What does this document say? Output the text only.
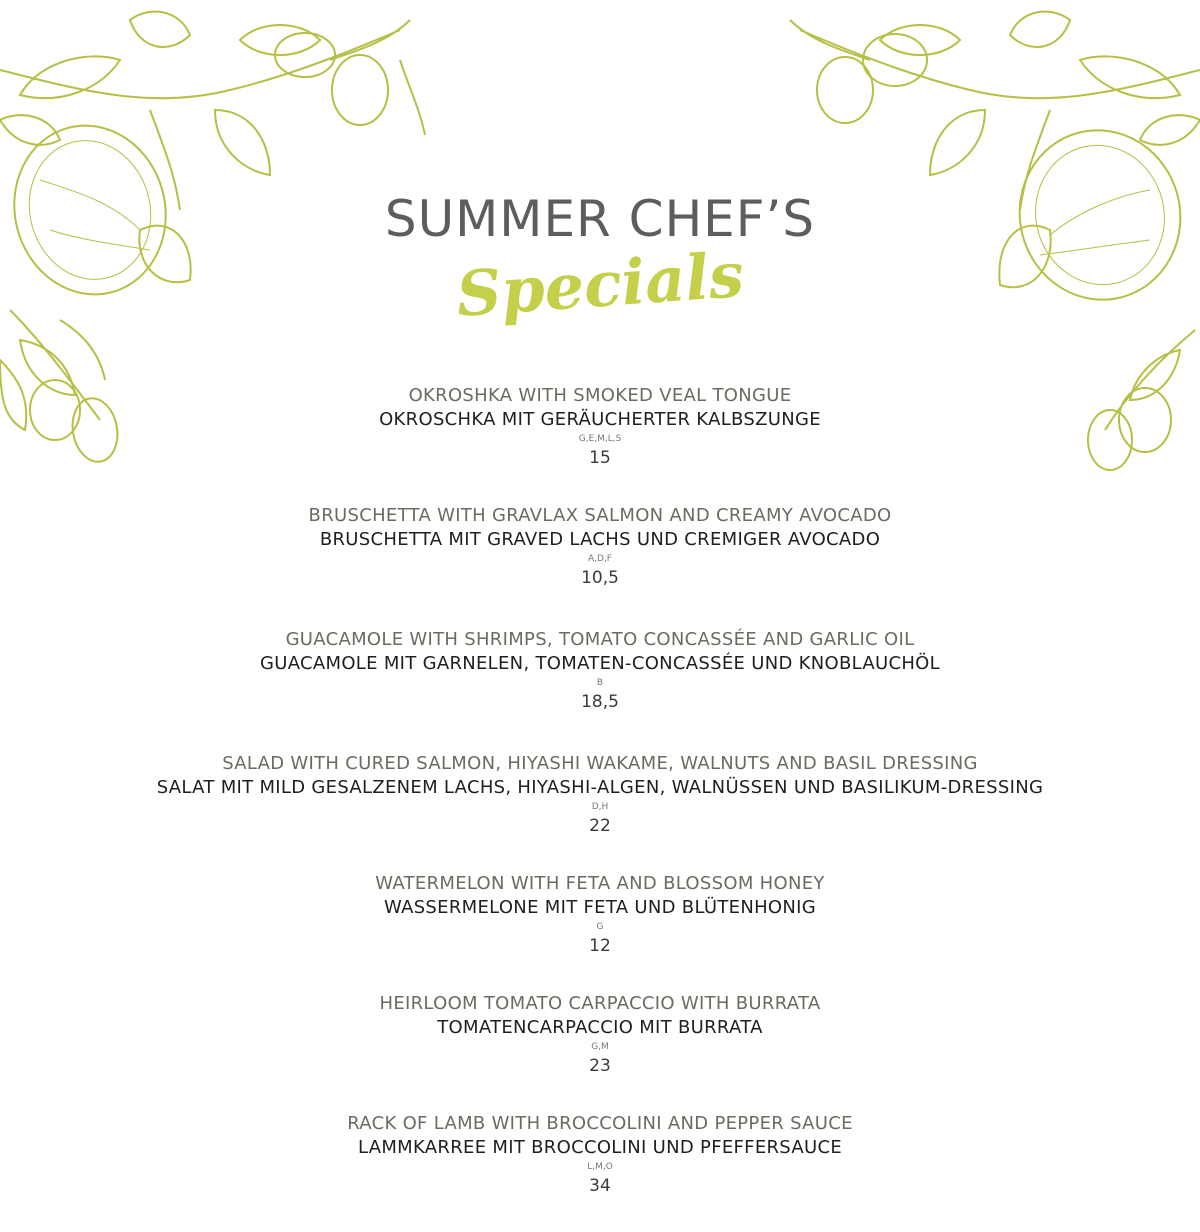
SUMMER CHEF’S
Specials
OKROSHKA WITH SMOKED VEAL TONGUE
OKROSCHKA MIT GERÄUCHERTER KALBSZUNGE
G,E,M,L,S
15
BRUSCHETTA WITH GRAVLAX SALMON AND CREAMY AVOCADO
BRUSCHETTA MIT GRAVED LACHS UND CREMIGER AVOCADO
A,D,F
10,5
GUACAMOLE WITH SHRIMPS, TOMATO CONCASSÉE AND GARLIC OIL
GUACAMOLE MIT GARNELEN, TOMATEN-CONCASSÉE UND KNOBLAUCHÖL
B
18,5
SALAD WITH CURED SALMON, HIYASHI WAKAME, WALNUTS AND BASIL DRESSING
SALAT MIT MILD GESALZENEM LACHS, HIYASHI-ALGEN, WALNÜSSEN UND BASILIKUM-DRESSING
D,H
22
WATERMELON WITH FETA AND BLOSSOM HONEY
WASSERMELONE MIT FETA UND BLÜTENHONIG
G
12
HEIRLOOM TOMATO CARPACCIO WITH BURRATA
TOMATENCARPACCIO MIT BURRATA
G,M
23
RACK OF LAMB WITH BROCCOLINI AND PEPPER SAUCE
LAMMKARREE MIT BROCCOLINI UND PFEFFERSAUCE
L,M,O
34
